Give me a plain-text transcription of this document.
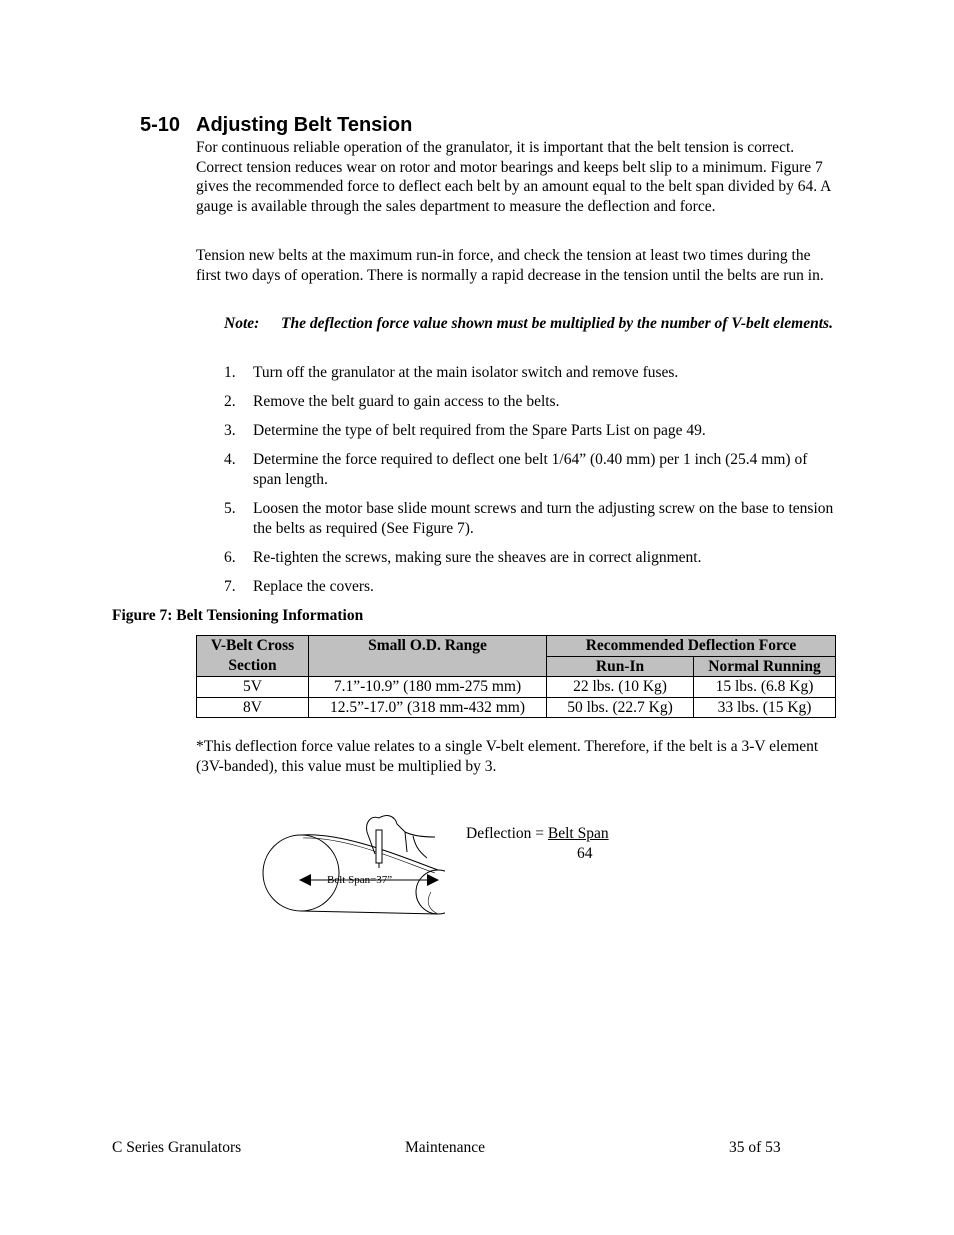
5-10 Adjusting Belt Tension
For continuous reliable operation of the granulator, it is important that the belt tension is correct. Correct tension reduces wear on rotor and motor bearings and keeps belt slip to a minimum. Figure 7 gives the recommended force to deflect each belt by an amount equal to the belt span divided by 64. A gauge is available through the sales department to measure the deflection and force.
Tension new belts at the maximum run-in force, and check the tension at least two times during the first two days of operation. There is normally a rapid decrease in the tension until the belts are run in.
Note: The deflection force value shown must be multiplied by the number of V-belt elements.
1. Turn off the granulator at the main isolator switch and remove fuses.
2. Remove the belt guard to gain access to the belts.
3. Determine the type of belt required from the Spare Parts List on page 49.
4. Determine the force required to deflect one belt 1/64” (0.40 mm) per 1 inch (25.4 mm) of span length.
5. Loosen the motor base slide mount screws and turn the adjusting screw on the base to tension the belts as required (See Figure 7).
6. Re-tighten the screws, making sure the sheaves are in correct alignment.
7. Replace the covers.
Figure 7: Belt Tensioning Information
V-Belt Cross Section	Small O.D. Range	Recommended Deflection Force	
		Run-In	Normal Running
5V	7.1”-10.9” (180 mm-275 mm)	22 lbs. (10 Kg)	15 lbs. (6.8 Kg)
8V	12.5”-17.0” (318 mm-432 mm)	50 lbs. (22.7 Kg)	33 lbs. (15 Kg)
*This deflection force value relates to a single V-belt element. Therefore, if the belt is a 3-V element (3V-banded), this value must be multiplied by 3.
Belt Span=37”
Deflection = Belt Span
64
C Series Granulators	Maintenance	35 of 53
